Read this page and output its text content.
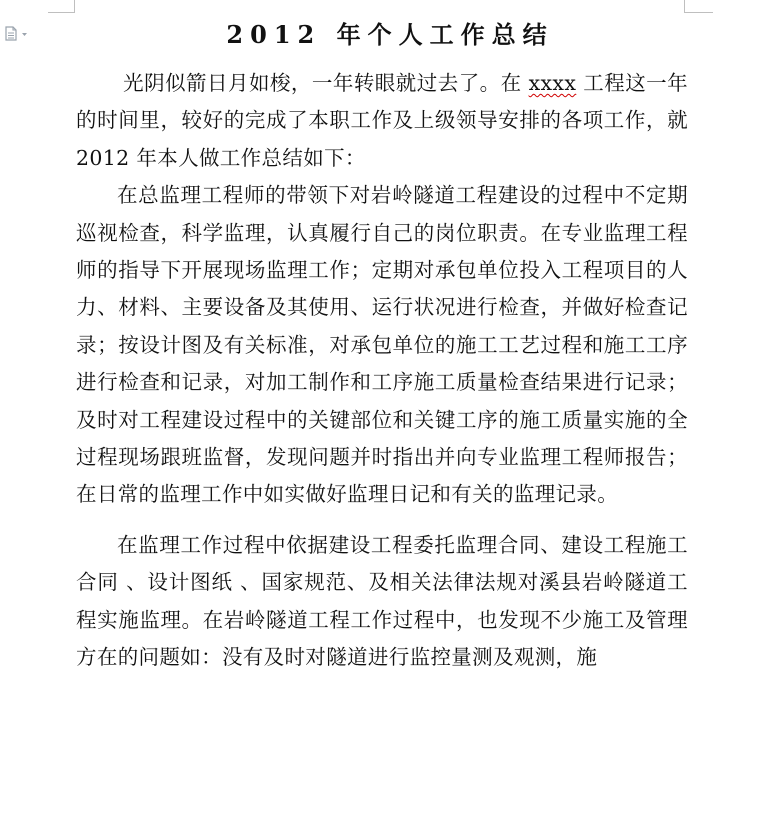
2012 年个人工作总结

光阴似箭日月如梭，一年转眼就过去了。在 xxxx 工程这一年的时间里，较好的完成了本职工作及上级领导安排的各项工作，就 2012 年本人做工作总结如下：

在总监理工程师的带领下对岩岭隧道工程建设的过程中不定期巡视检查，科学监理，认真履行自己的岗位职责。在专业监理工程师的指导下开展现场监理工作；定期对承包单位投入工程项目的人力、材料、主要设备及其使用、运行状况进行检查，并做好检查记录；按设计图及有关标准，对承包单位的施工工艺过程和施工工序进行检查和记录，对加工制作和工序施工质量检查结果进行记录；及时对工程建设过程中的关键部位和关键工序的施工质量实施的全过程现场跟班监督，发现问题并时指出并向专业监理工程师报告；在日常的监理工作中如实做好监理日记和有关的监理记录。

在监理工作过程中依据建设工程委托监理合同、建设工程施工合同 、设计图纸 、国家规范、及相关法律法规对溪县岩岭隧道工程实施监理。在岩岭隧道工程工作过程中，也发现不少施工及管理方在的问题如：没有及时对隧道进行监控量测及观测，施
